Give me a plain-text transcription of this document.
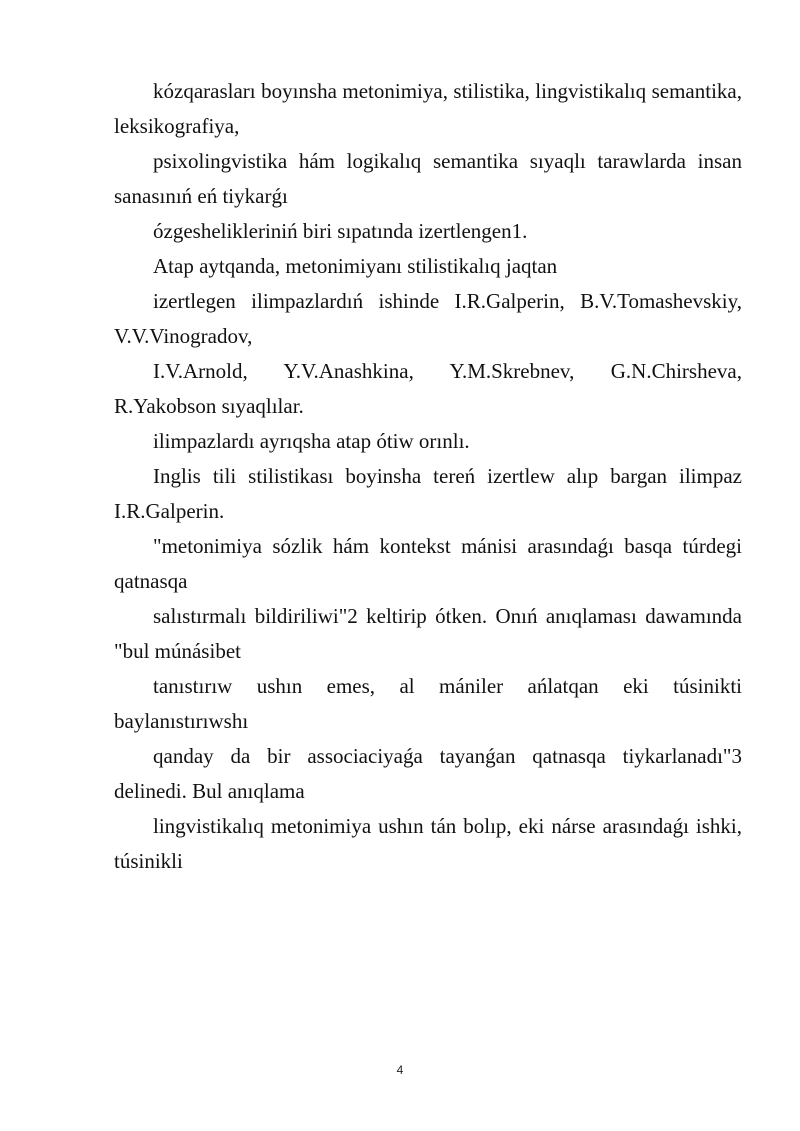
kózqarasları boyınsha metonimiya, stilistika, lingvistikalıq semantika, leksikografiya,

psixolingvistika hám logikalıq semantika sıyaqlı tarawlarda insan sanasınıń eń tiykarǵı

ózgeshelikleriniń biri sıpatında izertlengen1.

Atap aytqanda, metonimiyanı stilistikalıq jaqtan

izertlegen ilimpazlardıń ishinde I.R.Galperin, B.V.Tomashevskiy, V.V.Vinogradov,

I.V.Arnold, Y.V.Anashkina, Y.M.Skrebnev, G.N.Chirsheva, R.Yakobson sıyaqlılar.

ilimpazlardı ayrıqsha atap ótiw orınlı.

Inglis tili stilistikası boyinsha tereń izertlew alıp bargan ilimpaz I.R.Galperin.

"metonimiya sózlik hám kontekst mánisi arasındaǵı basqa túrdegi qatnasqa

salıstırmalı bildiriliwi"2 keltirip ótken. Onıń anıqlaması dawamında "bul múnásibet

tanıstırıw ushın emes, al mániler ańlatqan eki túsinikti baylanıstırıwshı

qanday da bir associaciyaǵa tayanǵan qatnasqa tiykarlanadı"3 delinedi. Bul anıqlama

lingvistikalıq metonimiya ushın tán bolıp, eki nárse arasındaǵı ishki, túsinikli

4
